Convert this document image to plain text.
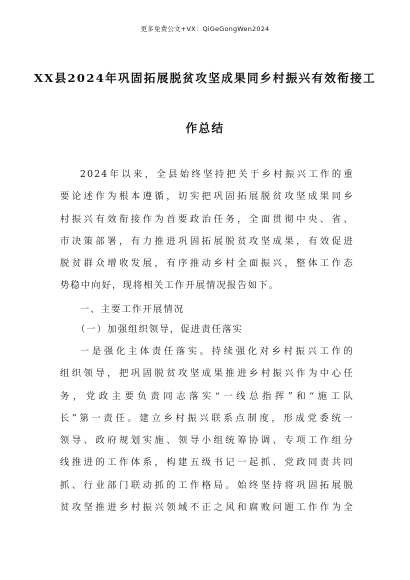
更多免费公文+VX：QiGeGongWen2024
XX县2024年巩固拓展脱贫攻坚成果同乡村振兴有效衔接工
作总结
2024年以来，全县始终坚持把关于乡村振兴工作的重
要论述作为根本遵循，切实把巩固拓展脱贫攻坚成果同乡
村振兴有效衔接作为首要政治任务，全面贯彻中央、省、
市决策部署，有力推进巩固拓展脱贫攻坚成果，有效促进
脱贫群众增收发展，有序推动乡村全面振兴，整体工作态
势稳中向好，现将相关工作开展情况报告如下。
一、主要工作开展情况
（一）加强组织领导，促进责任落实
一是强化主体责任落实。持续强化对乡村振兴工作的
组织领导，把巩固脱贫攻坚成果推进乡村振兴作为中心任
务，党政主要负责同志落实“一线总指挥”和“施工队
长”第一责任。建立乡村振兴联系点制度，形成党委统一
领导、政府规划实施、领导小组统筹协调、专项工作组分
线推进的工作体系，构建五级书记一起抓、党政同责共同
抓、行业部门联动抓的工作格局。始终坚持将巩固拓展脱
贫攻坚推进乡村振兴领域不正之风和腐败问题工作作为全
